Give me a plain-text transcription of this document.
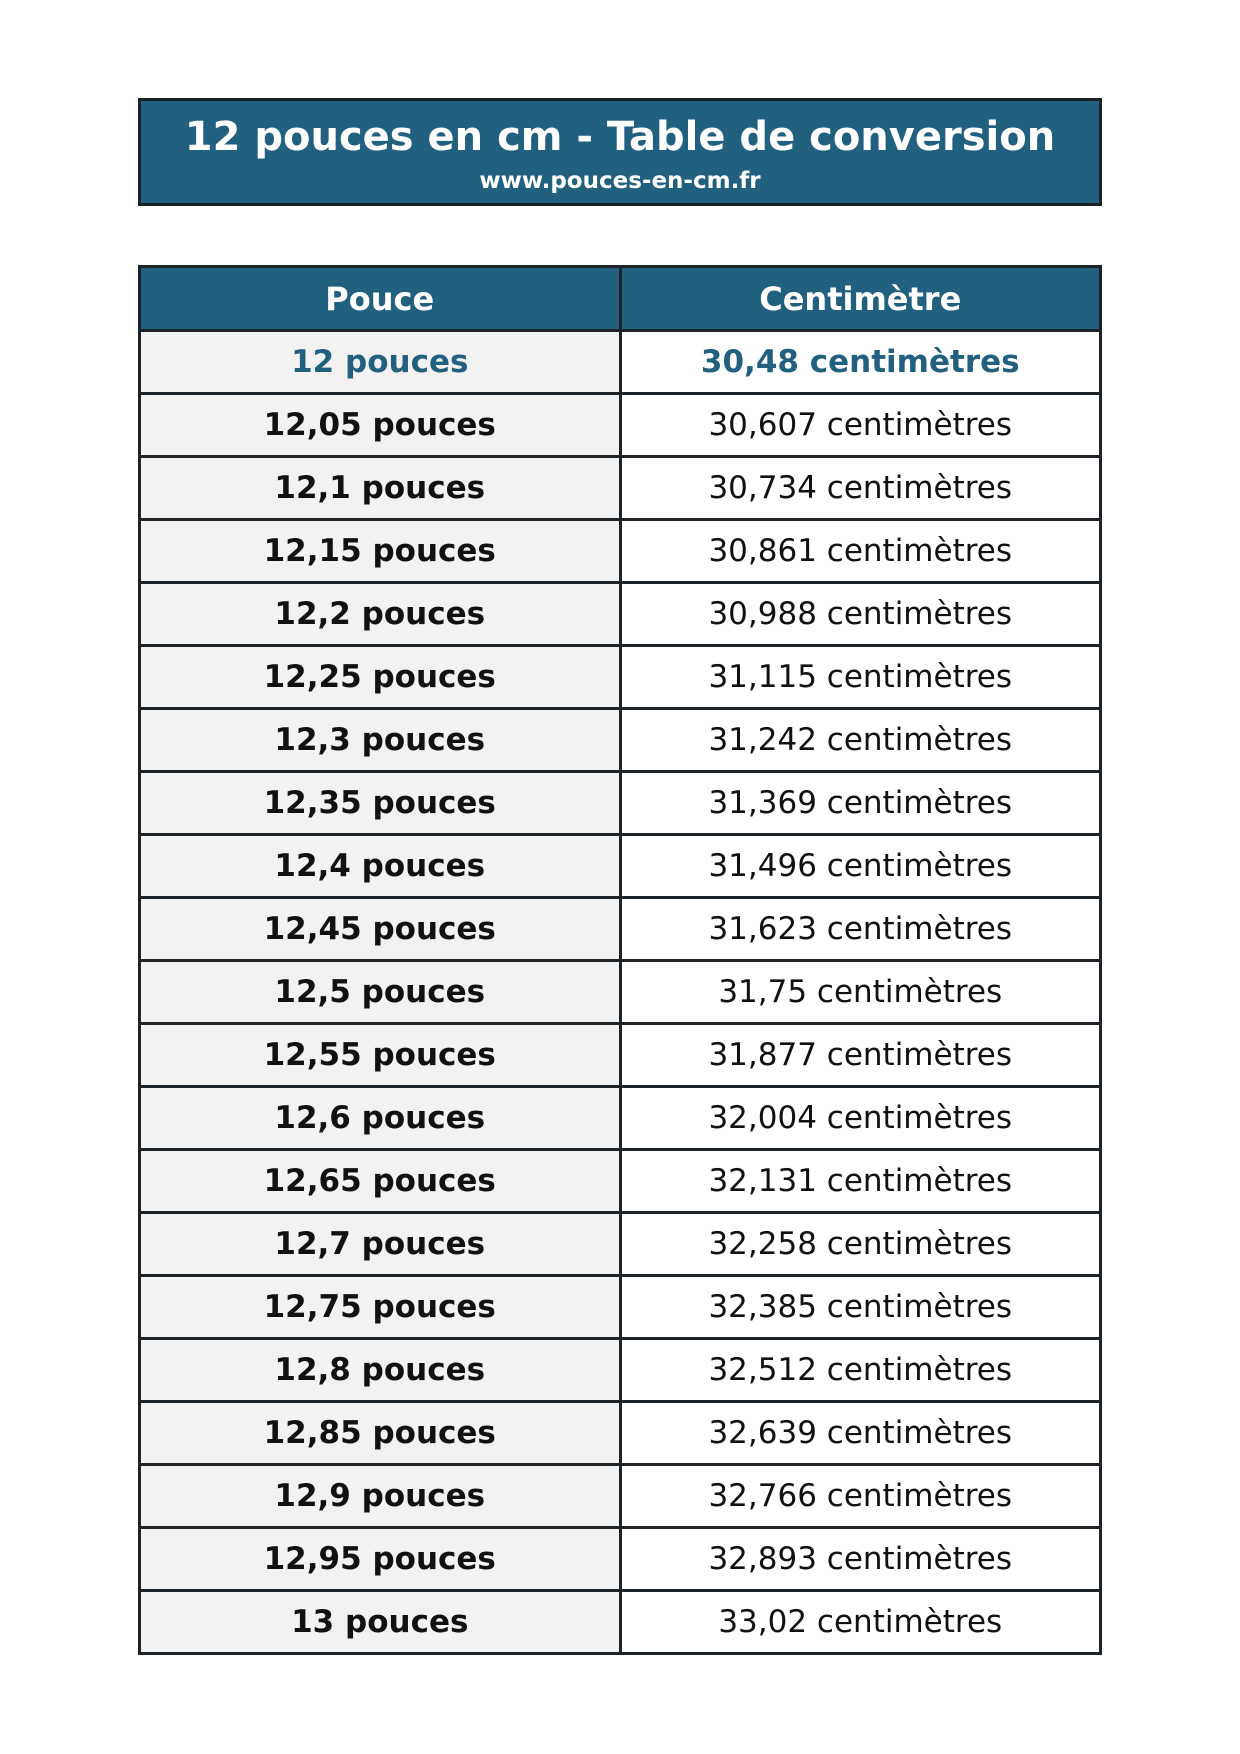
12 pouces en cm - Table de conversion
www.pouces-en-cm.fr
Pouce	Centimètre
12 pouces	30,48 centimètres
12,05 pouces	30,607 centimètres
12,1 pouces	30,734 centimètres
12,15 pouces	30,861 centimètres
12,2 pouces	30,988 centimètres
12,25 pouces	31,115 centimètres
12,3 pouces	31,242 centimètres
12,35 pouces	31,369 centimètres
12,4 pouces	31,496 centimètres
12,45 pouces	31,623 centimètres
12,5 pouces	31,75 centimètres
12,55 pouces	31,877 centimètres
12,6 pouces	32,004 centimètres
12,65 pouces	32,131 centimètres
12,7 pouces	32,258 centimètres
12,75 pouces	32,385 centimètres
12,8 pouces	32,512 centimètres
12,85 pouces	32,639 centimètres
12,9 pouces	32,766 centimètres
12,95 pouces	32,893 centimètres
13 pouces	33,02 centimètres
